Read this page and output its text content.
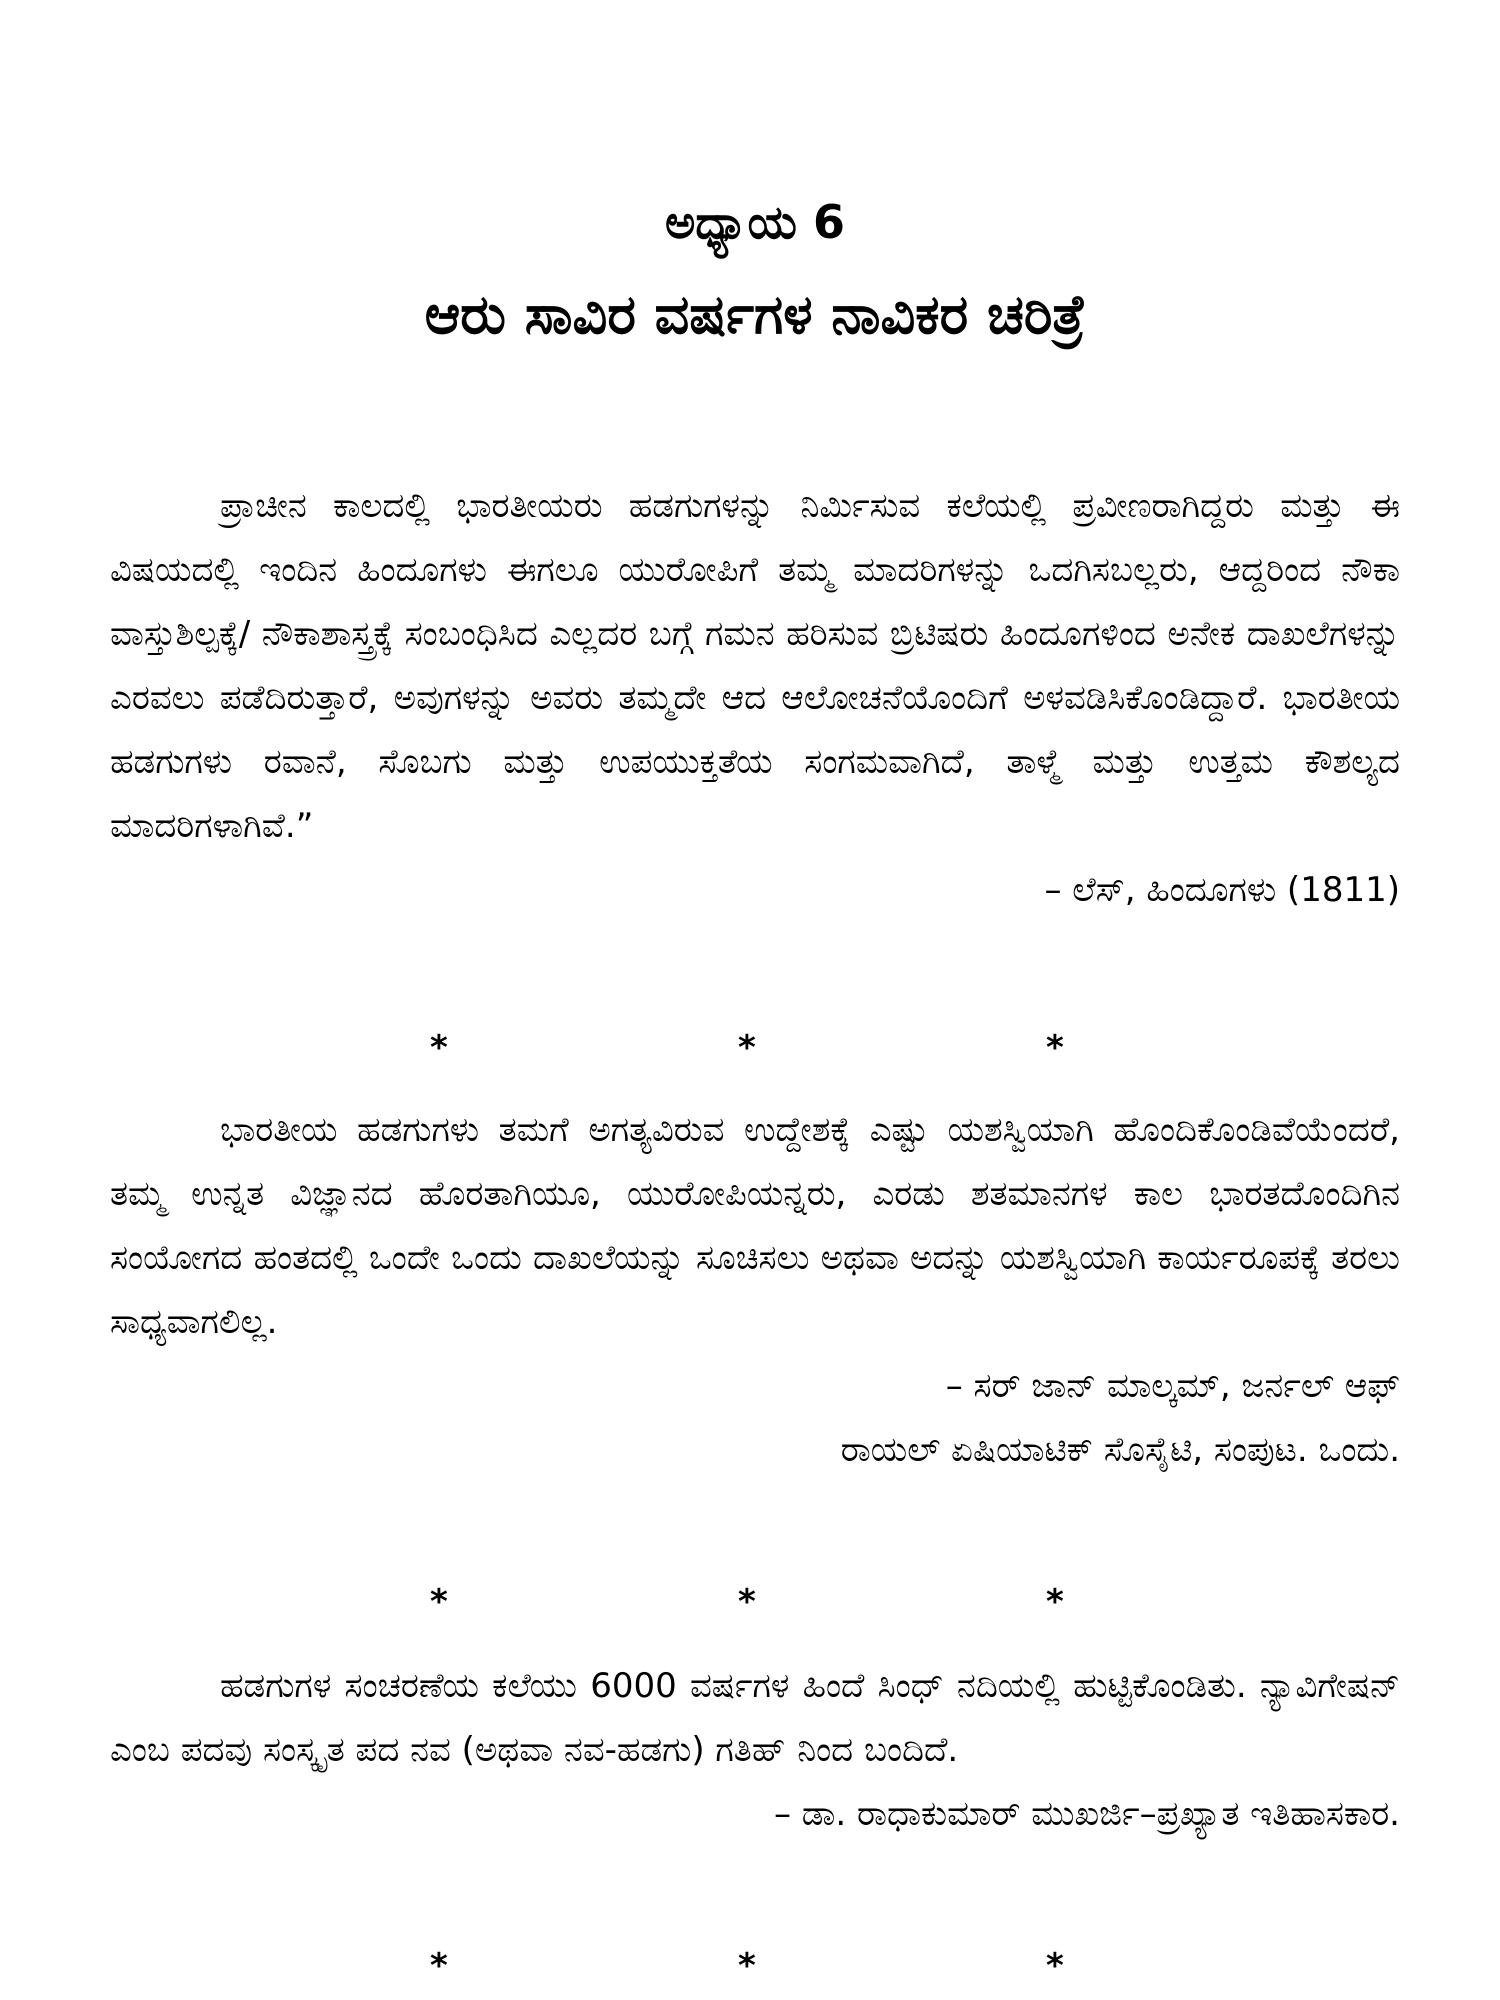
ಅಧ್ಯಾಯ 6
ಆರು ಸಾವಿರ ವರ್ಷಗಳ ನಾವಿಕರ ಚರಿತ್ರೆ

ಪ್ರಾಚೀನ ಕಾಲದಲ್ಲಿ ಭಾರತೀಯರು ಹಡಗುಗಳನ್ನು ನಿರ್ಮಿಸುವ ಕಲೆಯಲ್ಲಿ ಪ್ರವೀಣರಾಗಿದ್ದರು ಮತ್ತು ಈ ವಿಷಯದಲ್ಲಿ ಇಂದಿನ ಹಿಂದೂಗಳು ಈಗಲೂ ಯುರೋಪಿಗೆ ತಮ್ಮ ಮಾದರಿಗಳನ್ನು ಒದಗಿಸಬಲ್ಲರು, ಆದ್ದರಿಂದ ನೌಕಾ ವಾಸ್ತುಶಿಲ್ಪಕ್ಕೆ/ ನೌಕಾಶಾಸ್ತ್ರಕ್ಕೆ ಸಂಬಂಧಿಸಿದ ಎಲ್ಲದರ ಬಗ್ಗೆ ಗಮನ ಹರಿಸುವ ಬ್ರಿಟಿಷರು ಹಿಂದೂಗಳಿಂದ ಅನೇಕ ದಾಖಲೆಗಳನ್ನು ಎರವಲು ಪಡೆದಿರುತ್ತಾರೆ, ಅವುಗಳನ್ನು ಅವರು ತಮ್ಮದೇ ಆದ ಆಲೋಚನೆಯೊಂದಿಗೆ ಅಳವಡಿಸಿಕೊಂಡಿದ್ದಾರೆ. ಭಾರತೀಯ ಹಡಗುಗಳು ರವಾನೆ, ಸೊಬಗು ಮತ್ತು ಉಪಯುಕ್ತತೆಯ ಸಂಗಮವಾಗಿದೆ, ತಾಳ್ಮೆ ಮತ್ತು ಉತ್ತಮ ಕೌಶಲ್ಯದ ಮಾದರಿಗಳಾಗಿವೆ.”

– ಲೆಸ್, ಹಿಂದೂಗಳು (1811)

*	*	*

ಭಾರತೀಯ ಹಡಗುಗಳು ತಮಗೆ ಅಗತ್ಯವಿರುವ ಉದ್ದೇಶಕ್ಕೆ ಎಷ್ಟು ಯಶಸ್ವಿಯಾಗಿ ಹೊಂದಿಕೊಂಡಿವೆಯೆಂದರೆ, ತಮ್ಮ ಉನ್ನತ ವಿಜ್ಞಾನದ ಹೊರತಾಗಿಯೂ, ಯುರೋಪಿಯನ್ನರು, ಎರಡು ಶತಮಾನಗಳ ಕಾಲ ಭಾರತದೊಂದಿಗಿನ ಸಂಯೋಗದ ಹಂತದಲ್ಲಿ ಒಂದೇ ಒಂದು ದಾಖಲೆಯನ್ನು ಸೂಚಿಸಲು ಅಥವಾ ಅದನ್ನು ಯಶಸ್ವಿಯಾಗಿ ಕಾರ್ಯರೂಪಕ್ಕೆ ತರಲು ಸಾಧ್ಯವಾಗಲಿಲ್ಲ.

– ಸರ್ ಜಾನ್ ಮಾಲ್ಕಮ್, ಜರ್ನಲ್ ಆಫ್

ರಾಯಲ್ ಏಷಿಯಾಟಿಕ್ ಸೊಸೈಟಿ, ಸಂಪುಟ. ಒಂದು.

*	*	*

ಹಡಗುಗಳ ಸಂಚರಣೆಯ ಕಲೆಯು 6000 ವರ್ಷಗಳ ಹಿಂದೆ ಸಿಂಧ್ ನದಿಯಲ್ಲಿ ಹುಟ್ಟಿಕೊಂಡಿತು. ನ್ಯಾವಿಗೇಷನ್ ಎಂಬ ಪದವು ಸಂಸ್ಕೃತ ಪದ ನವ (ಅಥವಾ ನವ-ಹಡಗು) ಗತಿಹ್ ನಿಂದ ಬಂದಿದೆ.

– ಡಾ. ರಾಧಾಕುಮಾರ್ ಮುಖರ್ಜಿ–ಪ್ರಖ್ಯಾತ ಇತಿಹಾಸಕಾರ.

*	*	*
